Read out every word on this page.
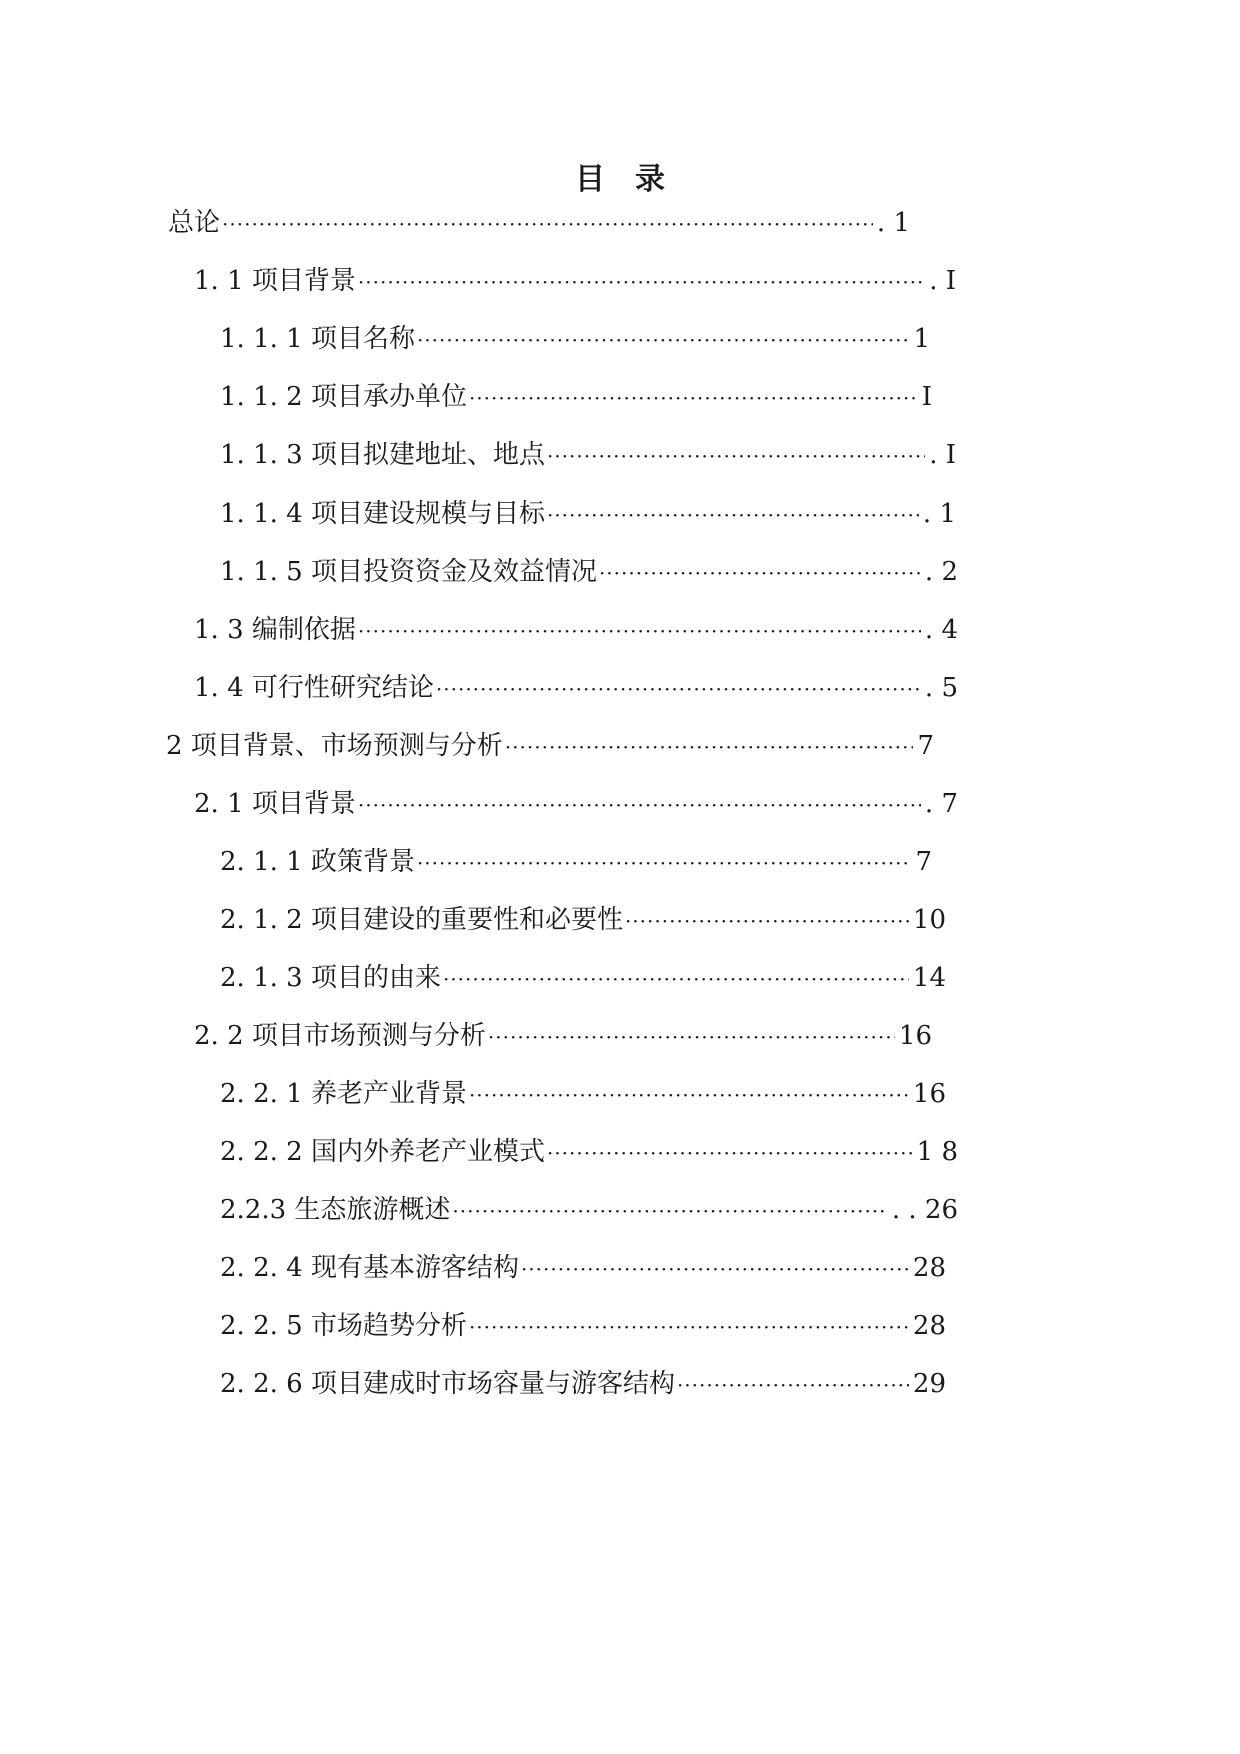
目　录
总论 ·····	. 1
1. 1 项目背景 ·····	. I
1. 1. 1 项目名称 ·····	1
1. 1. 2 项目承办单位 ·····	I
1. 1. 3 项目拟建地址、地点 ·····	. I
1. 1. 4 项目建设规模与目标 ·····	. 1
1. 1. 5 项目投资资金及效益情况 ·····	. 2
1. 3 编制依据 ·····	. 4
1. 4 可行性研究结论 ·····	. 5
2 项目背景、市场预测与分析 ·····	7
2. 1 项目背景 ·····	. 7
2. 1. 1 政策背景 ·····	7
2. 1. 2 项目建设的重要性和必要性 ·····	10
2. 1. 3 项目的由来 ·····	14
2. 2 项目市场预测与分析 ·····	16
2. 2. 1 养老产业背景 ·····	16
2. 2. 2 国内外养老产业模式 ·····	1 8
2.2.3 生态旅游概述 ·····	. . 26
2. 2. 4 现有基本游客结构 ·····	28
2. 2. 5 市场趋势分析 ·····	28
2. 2. 6 项目建成时市场容量与游客结构 ·····	29
